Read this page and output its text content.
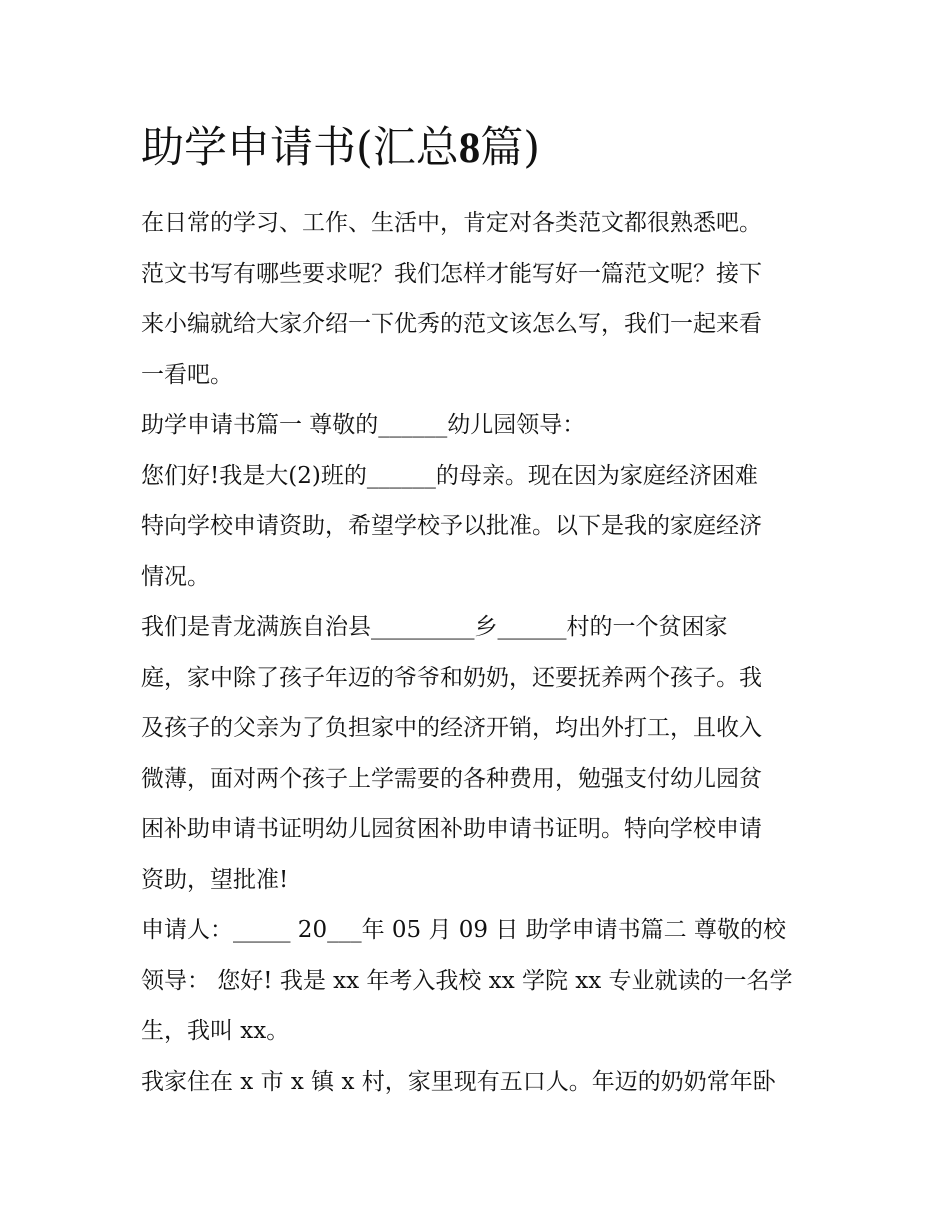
助学申请书(汇总8篇)
在日常的学习、工作、生活中，肯定对各类范文都很熟悉吧。
范文书写有哪些要求呢？我们怎样才能写好一篇范文呢？接下
来小编就给大家介绍一下优秀的范文该怎么写，我们一起来看
一看吧。
助学申请书篇一 尊敬的______幼儿园领导：
您们好!我是大(2)班的______的母亲。现在因为家庭经济困难
特向学校申请资助，希望学校予以批准。以下是我的家庭经济
情况。
我们是青龙满族自治县_________乡______村的一个贫困家
庭，家中除了孩子年迈的爷爷和奶奶，还要抚养两个孩子。我
及孩子的父亲为了负担家中的经济开销，均出外打工，且收入
微薄，面对两个孩子上学需要的各种费用，勉强支付幼儿园贫
困补助申请书证明幼儿园贫困补助申请书证明。特向学校申请
资助，望批准!
申请人：_____ 20___年 05 月 09 日 助学申请书篇二 尊敬的校
领导： 您好! 我是 xx 年考入我校 xx 学院 xx 专业就读的一名学
生，我叫 xx。
我家住在 x 市 x 镇 x 村，家里现有五口人。年迈的奶奶常年卧
